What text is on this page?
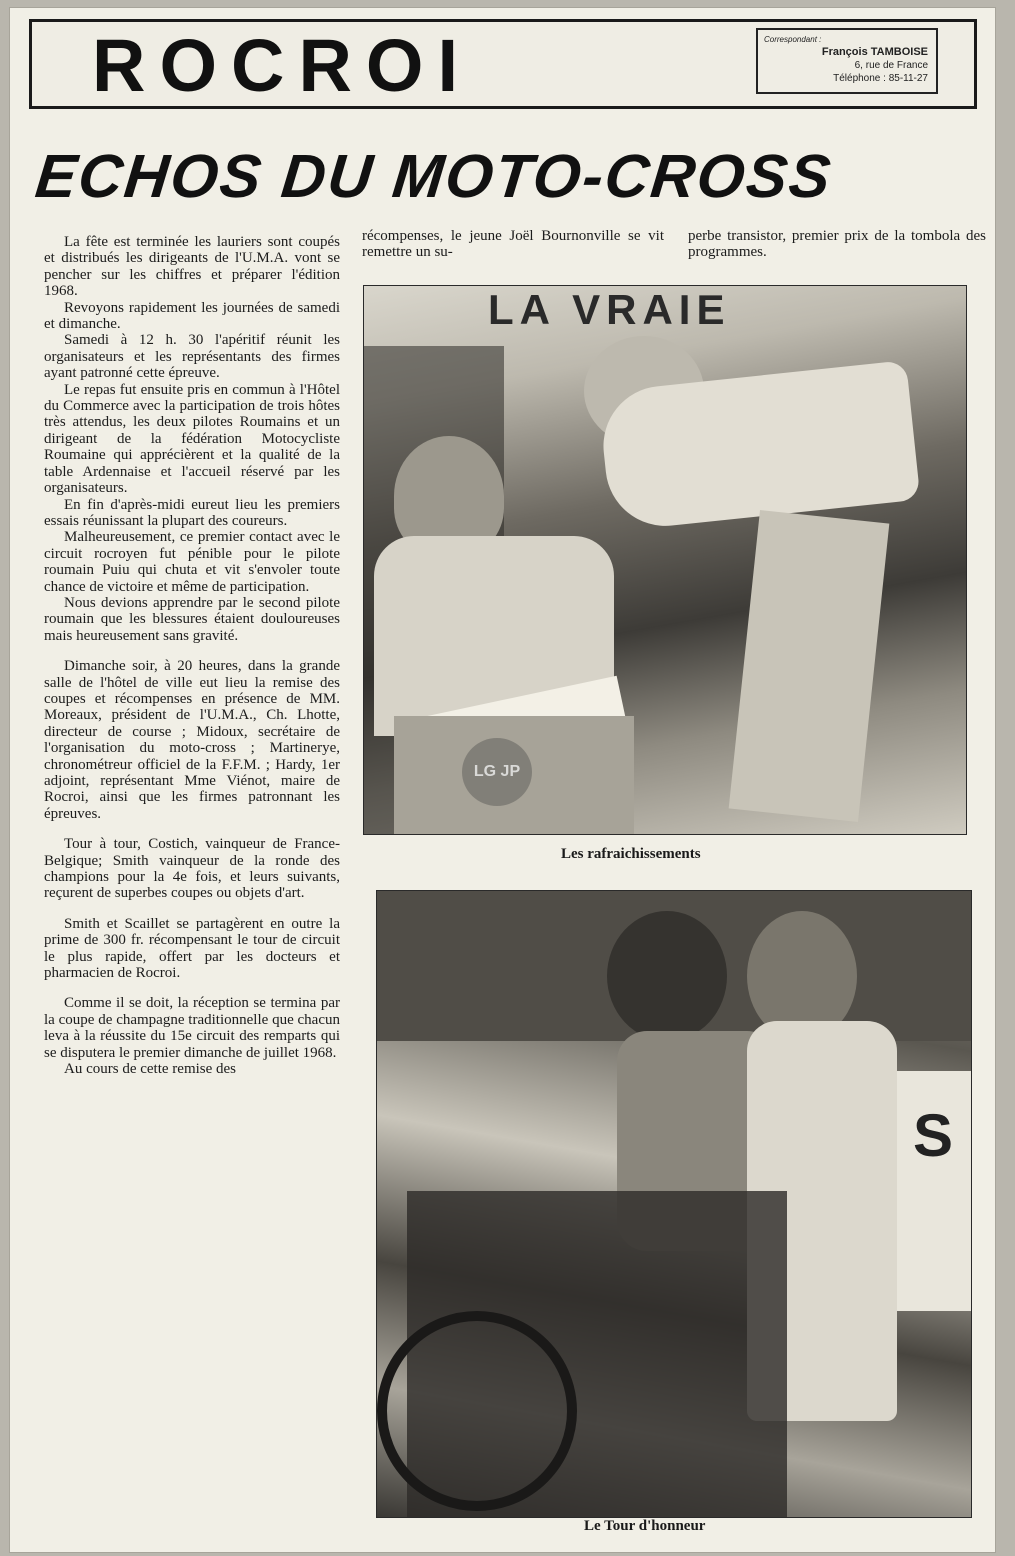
ROCROI	Correspondant :
François TAMBOISE
6, rue de France
Téléphone : 85-11-27
ECHOS DU MOTO-CROSS

La fête est terminée les lauriers sont coupés et distribués les dirigeants de l'U.M.A. vont se pencher sur les chiffres et préparer l'édition 1968.

Revoyons rapidement les journées de samedi et dimanche.

Samedi à 12 h. 30 l'apéritif réunit les organisateurs et les représentants des firmes ayant patronné cette épreuve.

Le repas fut ensuite pris en commun à l'Hôtel du Commerce avec la participation de trois hôtes très attendus, les deux pilotes Roumains et un dirigeant de la fédération Motocycliste Roumaine qui apprécièrent et la qualité de la table Ardennaise et l'accueil réservé par les organisateurs.

En fin d'après-midi eureut lieu les premiers essais réunissant la plupart des coureurs.

Malheureusement, ce premier contact avec le circuit rocroyen fut pénible pour le pilote roumain Puiu qui chuta et vit s'envoler toute chance de victoire et même de participation.

Nous devions apprendre par le second pilote roumain que les blessures étaient douloureuses mais heureusement sans gravité.

Dimanche soir, à 20 heures, dans la grande salle de l'hôtel de ville eut lieu la remise des coupes et récompenses en présence de MM. Moreaux, président de l'U.M.A., Ch. Lhotte, directeur de course ; Midoux, secrétaire de l'organisation du moto-cross ; Martinerye, chronométreur officiel de la F.F.M. ; Hardy, 1er adjoint, représentant Mme Viénot, maire de Rocroi, ainsi que les firmes patronnant les épreuves.

Tour à tour, Costich, vainqueur de France-Belgique; Smith vainqueur de la ronde des champions pour la 4e fois, et leurs suivants, reçurent de superbes coupes ou objets d'art.

Smith et Scaillet se partagèrent en outre la prime de 300 fr. récompensant le tour de circuit le plus rapide, offert par les docteurs et pharmacien de Rocroi.

Comme il se doit, la réception se termina par la coupe de champagne traditionnelle que chacun leva à la réussite du 15e circuit des remparts qui se disputera le premier dimanche de juillet 1968.

Au cours de cette remise des

récompenses, le jeune Joël Bournonville se vit remettre un su-

perbe transistor, premier prix de la tombola des programmes.

LA VRAIE
Les rafraichissements
S
Le Tour d'honneur
LG JP
